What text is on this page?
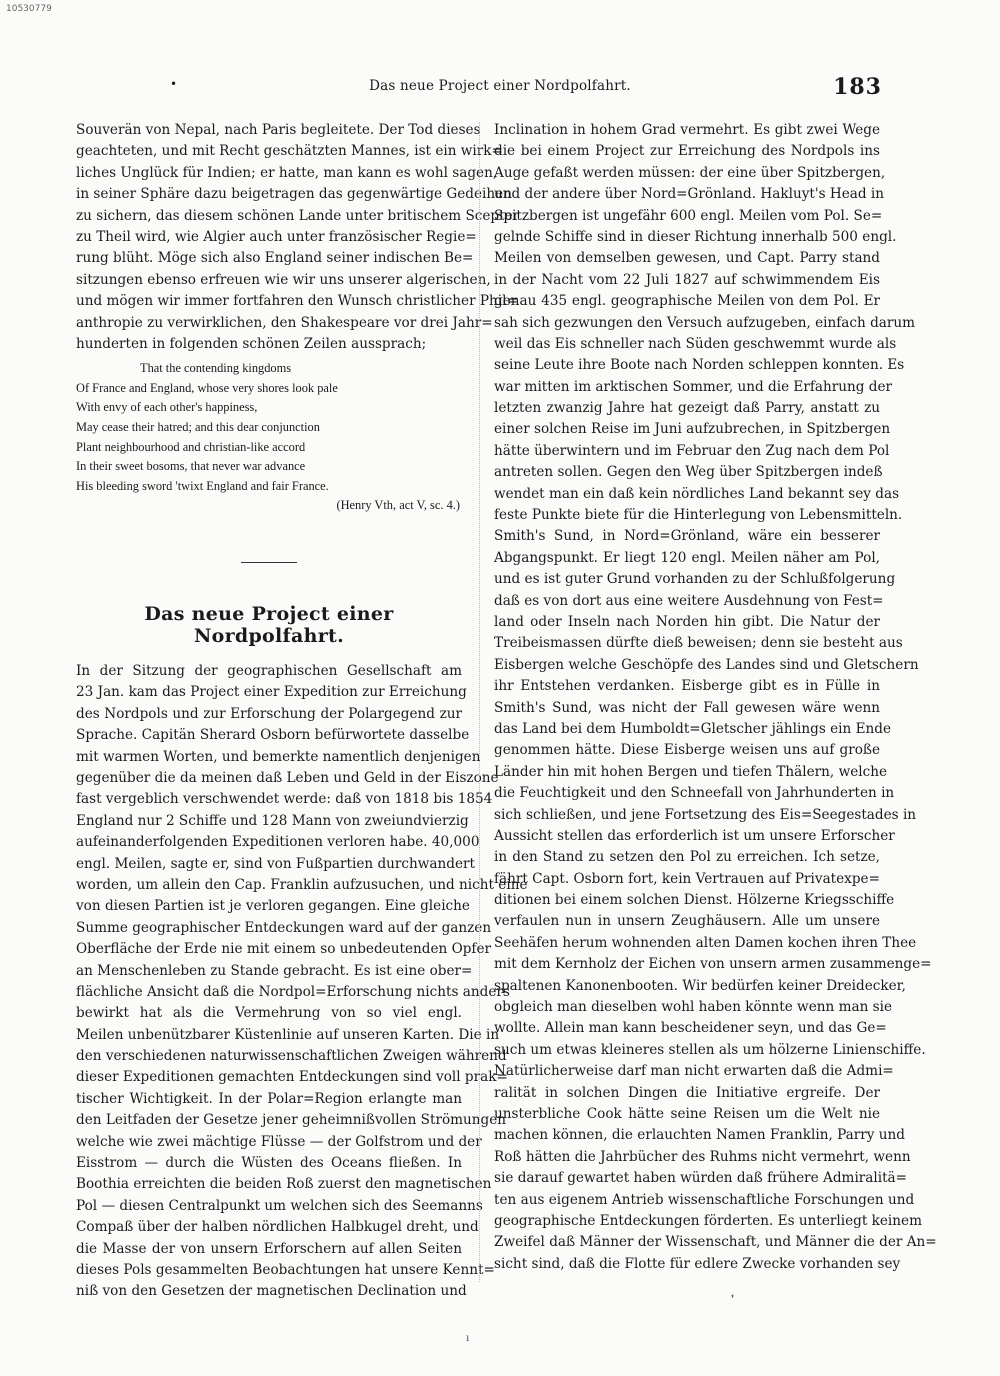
10530779
•	Das neue Project einer Nordpolfahrt.	183
Souverän von Nepal, nach Paris begleitete. Der Tod dieses
geachteten, und mit Recht geschätzten Mannes, ist ein wirk=
liches Unglück für Indien; er hatte, man kann es wohl sagen,
in seiner Sphäre dazu beigetragen das gegenwärtige Gedeihen
zu sichern, das diesem schönen Lande unter britischem Scepter
zu Theil wird, wie Algier auch unter französischer Regie=
rung blüht. Möge sich also England seiner indischen Be=
sitzungen ebenso erfreuen wie wir uns unserer algerischen,
und mögen wir immer fortfahren den Wunsch christlicher Phil=
anthropie zu verwirklichen, den Shakespeare vor drei Jahr=
hunderten in folgenden schönen Zeilen aussprach;
That the contending kingdoms
Of France and England, whose very shores look pale
With envy of each other's happiness,
May cease their hatred; and this dear conjunction
Plant neighbourhood and christian-like accord
In their sweet bosoms, that never war advance
His bleeding sword 'twixt England and fair France.
(Henry Vth, act V, sc. 4.)
Das neue Project einer Nordpolfahrt.
In der Sitzung der geographischen Gesellschaft am
23 Jan. kam das Project einer Expedition zur Erreichung
des Nordpols und zur Erforschung der Polargegend zur
Sprache. Capitän Sherard Osborn befürwortete dasselbe
mit warmen Worten, und bemerkte namentlich denjenigen
gegenüber die da meinen daß Leben und Geld in der Eiszone
fast vergeblich verschwendet werde: daß von 1818 bis 1854
England nur 2 Schiffe und 128 Mann von zweiundvierzig
aufeinanderfolgenden Expeditionen verloren habe. 40,000
engl. Meilen, sagte er, sind von Fußpartien durchwandert
worden, um allein den Cap. Franklin aufzusuchen, und nicht eine
von diesen Partien ist je verloren gegangen. Eine gleiche
Summe geographischer Entdeckungen ward auf der ganzen
Oberfläche der Erde nie mit einem so unbedeutenden Opfer
an Menschenleben zu Stande gebracht. Es ist eine ober=
flächliche Ansicht daß die Nordpol=Erforschung nichts anders
bewirkt hat als die Vermehrung von so viel engl.
Meilen unbenützbarer Küstenlinie auf unseren Karten. Die in
den verschiedenen naturwissenschaftlichen Zweigen während
dieser Expeditionen gemachten Entdeckungen sind voll prak=
tischer Wichtigkeit. In der Polar=Region erlangte man
den Leitfaden der Gesetze jener geheimnißvollen Strömungen
welche wie zwei mächtige Flüsse — der Golfstrom und der
Eisstrom — durch die Wüsten des Oceans fließen. In
Boothia erreichten die beiden Roß zuerst den magnetischen
Pol — diesen Centralpunkt um welchen sich des Seemanns
Compaß über der halben nördlichen Halbkugel dreht, und
die Masse der von unsern Erforschern auf allen Seiten
dieses Pols gesammelten Beobachtungen hat unsere Kennt=
niß von den Gesetzen der magnetischen Declination und
Inclination in hohem Grad vermehrt. Es gibt zwei Wege
die bei einem Project zur Erreichung des Nordpols ins
Auge gefaßt werden müssen: der eine über Spitzbergen,
und der andere über Nord=Grönland. Hakluyt's Head in
Spitzbergen ist ungefähr 600 engl. Meilen vom Pol. Se=
gelnde Schiffe sind in dieser Richtung innerhalb 500 engl.
Meilen von demselben gewesen, und Capt. Parry stand
in der Nacht vom 22 Juli 1827 auf schwimmendem Eis
genau 435 engl. geographische Meilen von dem Pol. Er
sah sich gezwungen den Versuch aufzugeben, einfach darum
weil das Eis schneller nach Süden geschwemmt wurde als
seine Leute ihre Boote nach Norden schleppen konnten. Es
war mitten im arktischen Sommer, und die Erfahrung der
letzten zwanzig Jahre hat gezeigt daß Parry, anstatt zu
einer solchen Reise im Juni aufzubrechen, in Spitzbergen
hätte überwintern und im Februar den Zug nach dem Pol
antreten sollen. Gegen den Weg über Spitzbergen indeß
wendet man ein daß kein nördliches Land bekannt sey das
feste Punkte biete für die Hinterlegung von Lebensmitteln.
Smith's Sund, in Nord=Grönland, wäre ein besserer
Abgangspunkt. Er liegt 120 engl. Meilen näher am Pol,
und es ist guter Grund vorhanden zu der Schlußfolgerung
daß es von dort aus eine weitere Ausdehnung von Fest=
land oder Inseln nach Norden hin gibt. Die Natur der
Treibeismassen dürfte dieß beweisen; denn sie besteht aus
Eisbergen welche Geschöpfe des Landes sind und Gletschern
ihr Entstehen verdanken. Eisberge gibt es in Fülle in
Smith's Sund, was nicht der Fall gewesen wäre wenn
das Land bei dem Humboldt=Gletscher jählings ein Ende
genommen hätte. Diese Eisberge weisen uns auf große
Länder hin mit hohen Bergen und tiefen Thälern, welche
die Feuchtigkeit und den Schneefall von Jahrhunderten in
sich schließen, und jene Fortsetzung des Eis=Seegestades in
Aussicht stellen das erforderlich ist um unsere Erforscher
in den Stand zu setzen den Pol zu erreichen. Ich setze,
fährt Capt. Osborn fort, kein Vertrauen auf Privatexpe=
ditionen bei einem solchen Dienst. Hölzerne Kriegsschiffe
verfaulen nun in unsern Zeughäusern. Alle um unsere
Seehäfen herum wohnenden alten Damen kochen ihren Thee
mit dem Kernholz der Eichen von unsern armen zusammenge=
spaltenen Kanonenbooten. Wir bedürfen keiner Dreidecker,
obgleich man dieselben wohl haben könnte wenn man sie
wollte. Allein man kann bescheidener seyn, und das Ge=
such um etwas kleineres stellen als um hölzerne Linienschiffe.
Natürlicherweise darf man nicht erwarten daß die Admi=
ralität in solchen Dingen die Initiative ergreife. Der
unsterbliche Cook hätte seine Reisen um die Welt nie
machen können, die erlauchten Namen Franklin, Parry und
Roß hätten die Jahrbücher des Ruhms nicht vermehrt, wenn
sie darauf gewartet haben würden daß frühere Admiralitä=
ten aus eigenem Antrieb wissenschaftliche Forschungen und
geographische Entdeckungen förderten. Es unterliegt keinem
Zweifel daß Männer der Wissenschaft, und Männer die der An=
sicht sind, daß die Flotte für edlere Zwecke vorhanden sey
❜
ı
